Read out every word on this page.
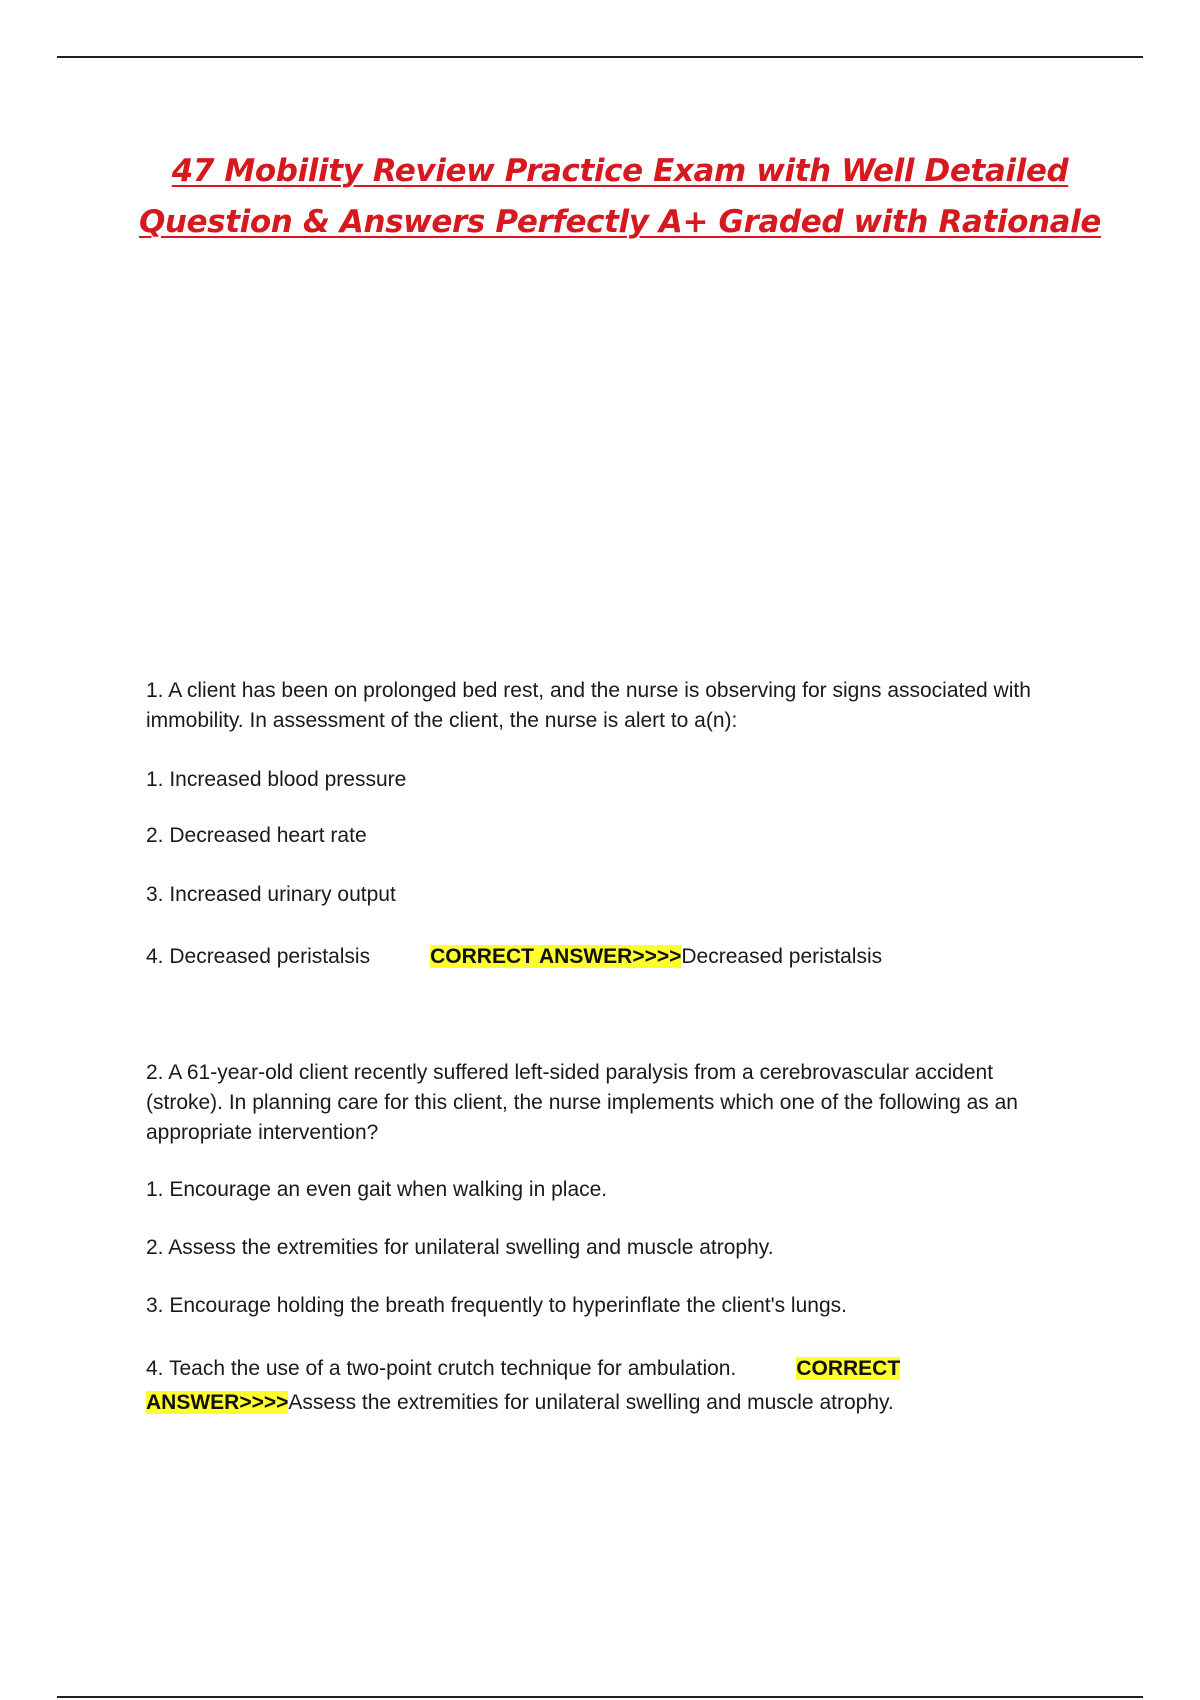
47 Mobility Review Practice Exam with Well Detailed
Question & Answers Perfectly A+ Graded with Rationale
1. A client has been on prolonged bed rest, and the nurse is observing for signs associated with
immobility. In assessment of the client, the nurse is alert to a(n):
1. Increased blood pressure
2. Decreased heart rate
3. Increased urinary output
4. Decreased peristalsis	CORRECT ANSWER>>>>Decreased peristalsis
2. A 61-year-old client recently suffered left-sided paralysis from a cerebrovascular accident
(stroke). In planning care for this client, the nurse implements which one of the following as an
appropriate intervention?
1. Encourage an even gait when walking in place.
2. Assess the extremities for unilateral swelling and muscle atrophy.
3. Encourage holding the breath frequently to hyperinflate the client's lungs.
4. Teach the use of a two-point crutch technique for ambulation.	CORRECT
ANSWER>>>>Assess the extremities for unilateral swelling and muscle atrophy.
